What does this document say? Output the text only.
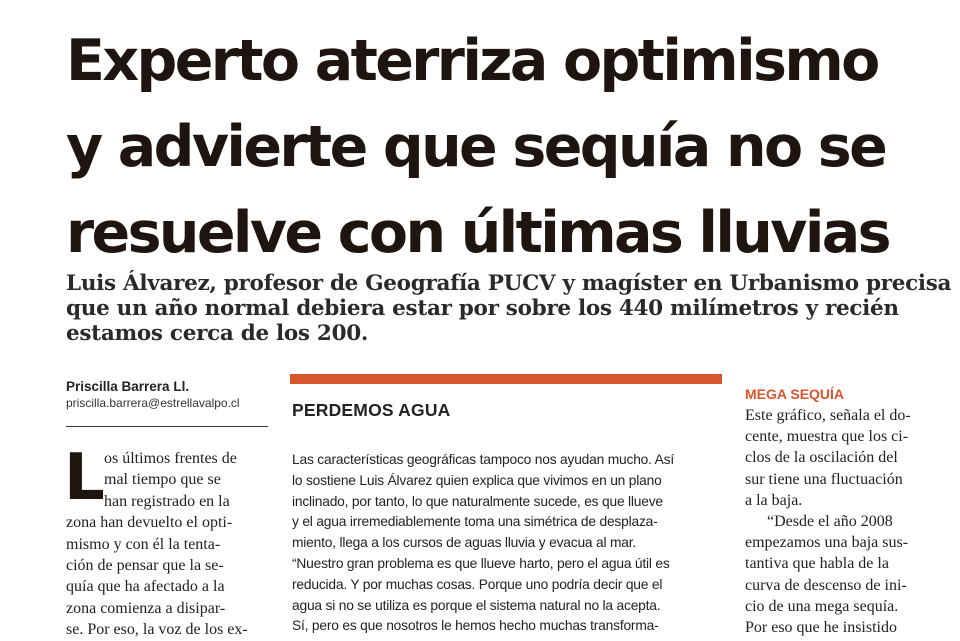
Experto aterriza optimismo
y advierte que sequía no se
resuelve con últimas lluvias
Luis Álvarez, profesor de Geografía PUCV y magíster en Urbanismo precisa
que un año normal debiera estar por sobre los 440 milímetros y recién
estamos cerca de los 200.
Priscilla Barrera Ll.
priscilla.barrera@estrellavalpo.cl
L os últimos frentes de
mal tiempo que se
han registrado en la
zona han devuelto el opti-
mismo y con él la tenta-
ción de pensar que la se-
quía que ha afectado a la
zona comienza a disipar-
se. Por eso, la voz de los ex-
PERDEMOS AGUA
Las características geográficas tampoco nos ayudan mucho. Así
lo sostiene Luis Álvarez quien explica que vivimos en un plano
inclinado, por tanto, lo que naturalmente sucede, es que llueve
y el agua irremediablemente toma una simétrica de desplaza-
miento, llega a los cursos de aguas lluvia y evacua al mar.
“Nuestro gran problema es que llueve harto, pero el agua útil es
reducida. Y por muchas cosas. Porque uno podría decir que el
agua si no se utiliza es porque el sistema natural no la acepta.
Sí, pero es que nosotros le hemos hecho muchas transforma-
MEGA SEQUÍA
Este gráfico, señala el do-
cente, muestra que los ci-
clos de la oscilación del
sur tiene una fluctuación
a la baja.
“Desde el año 2008
empezamos una baja sus-
tantiva que habla de la
curva de descenso de ini-
cio de una mega sequía.
Por eso que he insistido
